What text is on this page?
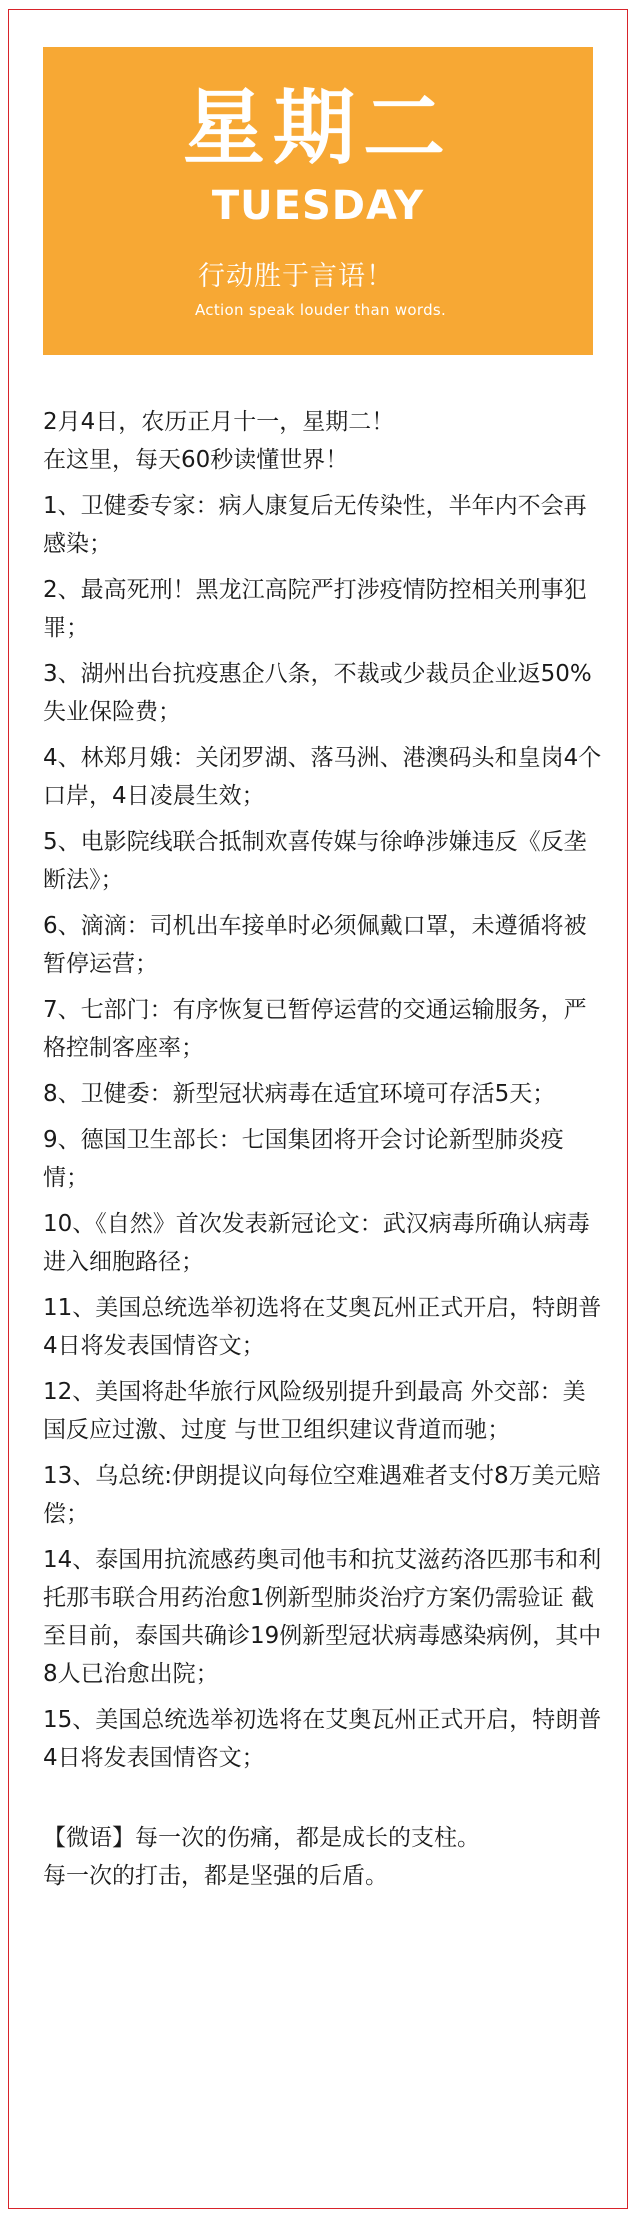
星期二
TUESDAY
行动胜于言语！
Action speak louder than words.

2月4日，农历正月十一，星期二！

在这里，每天60秒读懂世界！

1、卫健委专家：病人康复后无传染性，半年内不会再感染；
2、最高死刑！黑龙江高院严打涉疫情防控相关刑事犯罪；
3、湖州出台抗疫惠企八条，不裁或少裁员企业返50%失业保险费；
4、林郑月娥：关闭罗湖、落马洲、港澳码头和皇岗4个口岸，4日凌晨生效；
5、电影院线联合抵制欢喜传媒与徐峥涉嫌违反《反垄断法》；
6、滴滴：司机出车接单时必须佩戴口罩，未遵循将被暂停运营；
7、七部门：有序恢复已暂停运营的交通运输服务，严格控制客座率；
8、卫健委：新型冠状病毒在适宜环境可存活5天；
9、德国卫生部长：七国集团将开会讨论新型肺炎疫情；
10、《自然》首次发表新冠论文：武汉病毒所确认病毒进入细胞路径；
11、美国总统选举初选将在艾奥瓦州正式开启，特朗普4日将发表国情咨文；
12、美国将赴华旅行风险级别提升到最高 外交部：美国反应过激、过度 与世卫组织建议背道而驰；
13、乌总统:伊朗提议向每位空难遇难者支付8万美元赔偿；
14、泰国用抗流感药奥司他韦和抗艾滋药洛匹那韦和利托那韦联合用药治愈1例新型肺炎治疗方案仍需验证 截至目前，泰国共确诊19例新型冠状病毒感染病例，其中8人已治愈出院；
15、美国总统选举初选将在艾奥瓦州正式开启，特朗普4日将发表国情咨文；

【微语】每一次的伤痛，都是成长的支柱。

每一次的打击，都是坚强的后盾。
